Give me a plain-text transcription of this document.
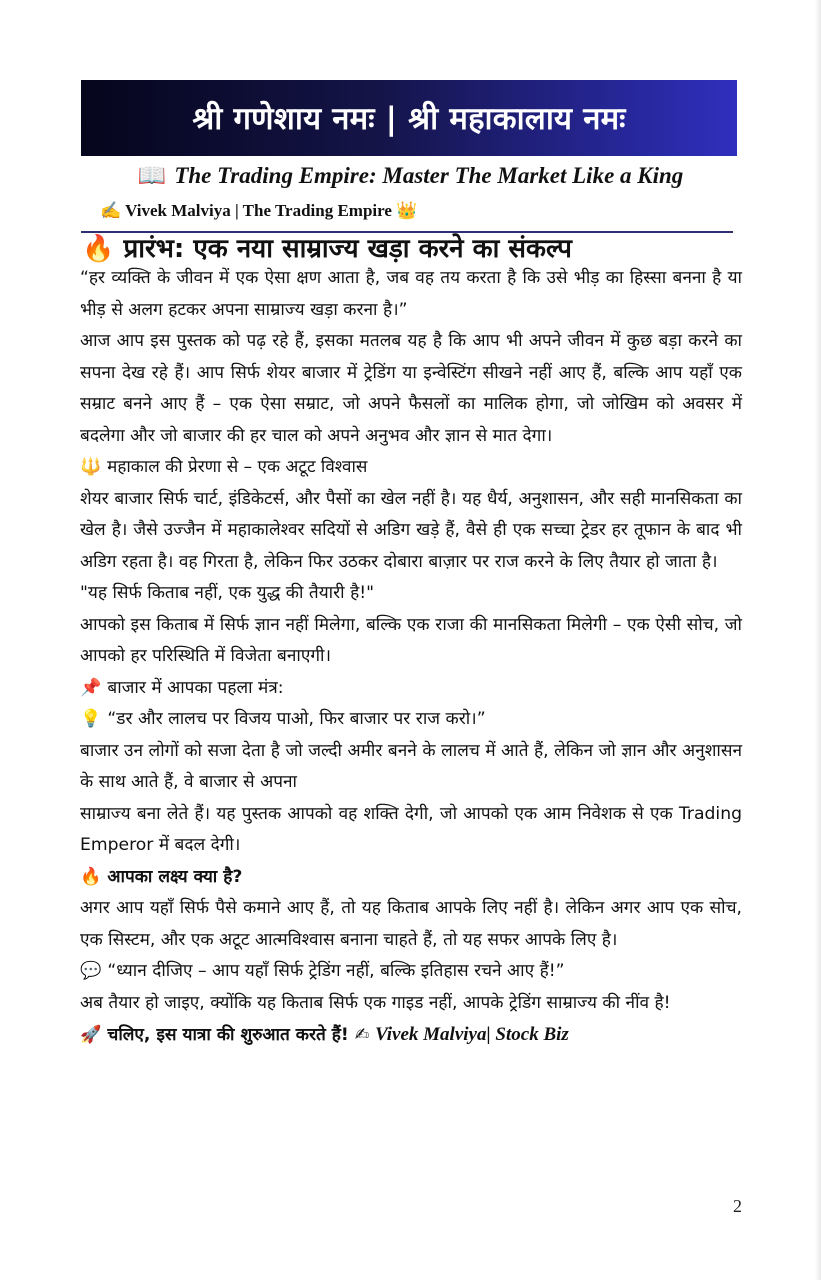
श्री गणेशाय नमः | श्री महाकालाय नमः
📖 The Trading Empire: Master The Market Like a King
✍ Vivek Malviya | The Trading Empire 👑
🔥 प्रारंभ: एक नया साम्राज्य खड़ा करने का संकल्प

“हर व्यक्ति के जीवन में एक ऐसा क्षण आता है, जब वह तय करता है कि उसे भीड़ का हिस्सा बनना है या भीड़ से अलग हटकर अपना साम्राज्य खड़ा करना है।”

आज आप इस पुस्तक को पढ़ रहे हैं, इसका मतलब यह है कि आप भी अपने जीवन में कुछ बड़ा करने का सपना देख रहे हैं। आप सिर्फ शेयर बाजार में ट्रेडिंग या इन्वेस्टिंग सीखने नहीं आए हैं, बल्कि आप यहाँ एक सम्राट बनने आए हैं – एक ऐसा सम्राट, जो अपने फैसलों का मालिक होगा, जो जोखिम को अवसर में बदलेगा और जो बाजार की हर चाल को अपने अनुभव और ज्ञान से मात देगा।

🔱 महाकाल की प्रेरणा से – एक अटूट विश्वास

शेयर बाजार सिर्फ चार्ट, इंडिकेटर्स, और पैसों का खेल नहीं है। यह धैर्य, अनुशासन, और सही मानसिकता का खेल है। जैसे उज्जैन में महाकालेश्वर सदियों से अडिग खड़े हैं, वैसे ही एक सच्चा ट्रेडर हर तूफान के बाद भी अडिग रहता है। वह गिरता है, लेकिन फिर उठकर दोबारा बाज़ार पर राज करने के लिए तैयार हो जाता है।

"यह सिर्फ किताब नहीं, एक युद्ध की तैयारी है!"

आपको इस किताब में सिर्फ ज्ञान नहीं मिलेगा, बल्कि एक राजा की मानसिकता मिलेगी – एक ऐसी सोच, जो आपको हर परिस्थिति में विजेता बनाएगी।

📌 बाजार में आपका पहला मंत्र:

💡 “डर और लालच पर विजय पाओ, फिर बाजार पर राज करो।”

बाजार उन लोगों को सजा देता है जो जल्दी अमीर बनने के लालच में आते हैं, लेकिन जो ज्ञान और अनुशासन के साथ आते हैं, वे बाजार से अपना

साम्राज्य बना लेते हैं। यह पुस्तक आपको वह शक्ति देगी, जो आपको एक आम निवेशक से एक Trading Emperor में बदल देगी।

🔥 आपका लक्ष्य क्या है?

अगर आप यहाँ सिर्फ पैसे कमाने आए हैं, तो यह किताब आपके लिए नहीं है। लेकिन अगर आप एक सोच, एक सिस्टम, और एक अटूट आत्मविश्वास बनाना चाहते हैं, तो यह सफर आपके लिए है।

💬 “ध्यान दीजिए – आप यहाँ सिर्फ ट्रेडिंग नहीं, बल्कि इतिहास रचने आए हैं!”

अब तैयार हो जाइए, क्योंकि यह किताब सिर्फ एक गाइड नहीं, आपके ट्रेडिंग साम्राज्य की नींव है!

🚀 चलिए, इस यात्रा की शुरुआत करते हैं! ✍ Vivek Malviya| Stock Biz

2
